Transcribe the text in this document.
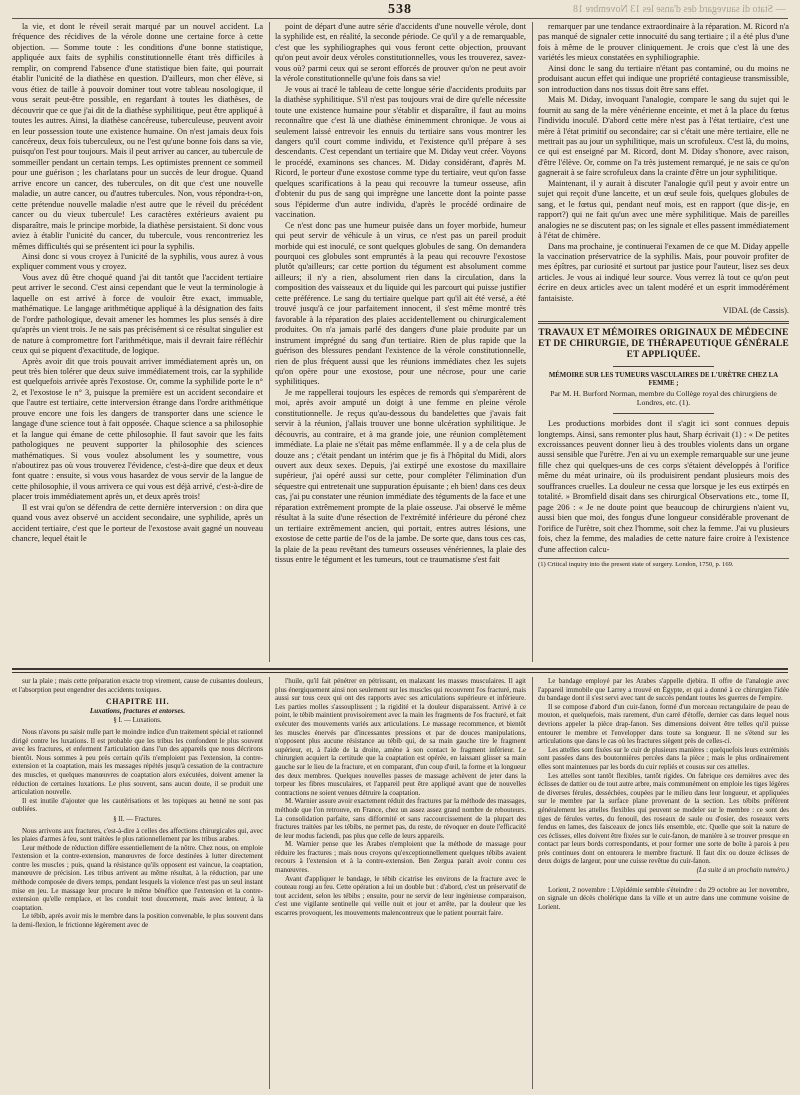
538	— Stato di sauvegard des d'anse les 13 Novembre 18

la vie, et dont le réveil serait marqué par un nouvel accident. La fréquence des récidives de la vérole donne une certaine force à cette objection. — Somme toute : les conditions d'une bonne statistique, appliquée aux faits de syphilis constitutionnelle étant très difficiles à remplir, on comprend l'absence d'une statistique bien faite, qui pourrait établir l'unicité de la diathèse en question. D'ailleurs, mon cher élève, si vous étiez de taille à pouvoir dominer tout votre tableau nosologique, il vous serait peut-être possible, en regardant à toutes les diathèses, de découvrir que ce que j'ai dit de la diathèse syphilitique, peut être appliqué à toutes les autres. Ainsi, la diathèse cancéreuse, tuberculeuse, peuvent avoir en leur possession toute une existence humaine. On n'est jamais deux fois cancéreux, deux fois tuberculeux, ou ne l'est qu'une bonne fois dans sa vie, puisqu'on l'est pour toujours. Mais il peut arriver au cancer, au tubercule de sommeiller pendant un certain temps. Les optimistes prennent ce sommeil pour une guérison ; les charlatans pour un succès de leur drogue. Quand arrive encore un cancer, des tubercules, on dit que c'est une nouvelle maladie, un autre cancer, ou d'autres tubercules. Non, vous répondra-t-on, cette prétendue nouvelle maladie n'est autre que le réveil du précédent cancer ou du vieux tubercule! Les caractères extérieurs avaient pu disparaître, mais le principe morbide, la diathèse persistaient. Si donc vous aviez à établir l'unicité du cancer, du tubercule, vous rencontreriez les mêmes difficultés qui se présentent ici pour la syphilis.

Ainsi donc si vous croyez à l'unicité de la syphilis, vous aurez à vous expliquer comment vous y croyez.

Vous avez dû être choqué quand j'ai dit tantôt que l'accident tertiaire peut arriver le second. C'est ainsi cependant que le veut la terminologie à laquelle on est arrivé à force de vouloir être exact, immuable, mathématique. Le langage arithmétique appliqué à la désignation des faits de l'ordre pathologique, devait amener les hommes les plus sensés à dire qu'après un vient trois. Je ne sais pas précisément si ce résultat singulier est de nature à compromettre fort l'arithmétique, mais il devrait faire réfléchir ceux qui se piquent d'exactitude, de logique.

Après avoir dit que trois pouvait arriver immédiatement après un, on peut très bien tolérer que deux suive immédiatement trois, car la syphilide est quelquefois arrivée après l'exostose. Or, comme la syphilide porte le n° 2, et l'exostose le n° 3, puisque la première est un accident secondaire et que l'autre est tertiaire, cette interversion étrange dans l'ordre arithmétique prouve encore une fois les dangers de transporter dans une science le langage d'une science tout à fait opposée. Chaque science a sa philosophie et la langue qui émane de cette philosophie. Il faut savoir que les faits pathologiques ne peuvent supporter la philosophie des sciences mathématiques. Si vous voulez absolument les y soumettre, vous n'aboutirez pas où vous trouverez l'évidence, c'est-à-dire que deux et deux font quatre : ensuite, si vous vous hasardez de vous servir de la langue de cette philosophie, il vous arrivera ce qui vous est déjà arrivé, c'est-à-dire de placer trois immédiatement après un, et deux après trois!

Il est vrai qu'on se défendra de cette dernière interversion : on dira que quand vous avez observé un accident secondaire, une syphilide, après un accident tertiaire, c'est que le porteur de l'exostose avait gagné un nouveau chancre, lequel était le

point de départ d'une autre série d'accidents d'une nouvelle vérole, dont la syphilide est, en réalité, la seconde période. Ce qu'il y a de remarquable, c'est que les syphiliographes qui vous feront cette objection, prouvant qu'on peut avoir deux véroles constitutionnelles, vous les trouverez, savez-vous où? parmi ceux qui se seront efforcés de prouver qu'on ne peut avoir la vérole constitutionnelle qu'une fois dans sa vie!

Je vous ai tracé le tableau de cette longue série d'accidents produits par la diathèse syphilitique. S'il n'est pas toujours vrai de dire qu'elle nécessite toute une existence humaine pour s'établir et disparaître, il faut au moins reconnaître que c'est là une diathèse éminemment chronique. Je vous ai seulement laissé entrevoir les ennuis du tertiaire sans vous montrer les dangers qu'il court comme individu, et l'existence qu'il prépare à ses descendants. C'est cependant un tertiaire que M. Diday veut créer. Voyons le procédé, examinons ses chances. M. Diday considérant, d'après M. Ricord, le porteur d'une exostose comme type du tertiaire, veut qu'on fasse quelques scarifications à la peau qui recouvre la tumeur osseuse, afin d'obtenir du pus de sang qui imprègne une lancette dont la pointe passe sous l'épiderme d'un autre individu, d'après le procédé ordinaire de vaccination.

Ce n'est donc pas une humeur puisée dans un foyer morbide, humeur qui peut servir de véhicule à un virus, ce n'est pas un pareil produit morbide qui est inoculé, ce sont quelques globules de sang. On demandera pourquoi ces globules sont empruntés à la peau qui recouvre l'exostose plutôt qu'ailleurs; car cette portion du tégument est absolument comme ailleurs; il n'y a rien, absolument rien dans la circulation, dans la composition des vaisseaux et du liquide qui les parcourt qui puisse justifier cette préférence. Le sang du tertiaire quelque part qu'il ait été versé, a été trouvé jusqu'à ce jour parfaitement innocent, il s'est même montré très favorable à la réparation des plaies accidentellement ou chirurgicalement produites. On n'a jamais parlé des dangers d'une plaie produite par un instrument imprégné du sang d'un tertiaire. Rien de plus rapide que la guérison des blessures pendant l'existence de la vérole constitutionnelle, rien de plus fréquent aussi que les réunions immédiates chez les sujets qu'on opère pour une exostose, pour une nécrose, pour une carie syphilitiques.

Je me rappellerai toujours les espèces de remords qui s'emparèrent de moi, après avoir amputé un doigt à une femme en pleine vérole constitutionnelle. Je reçus qu'au-dessous du bandelettes que j'avais fait servir à la réunion, j'allais trouver une bonne ulcération syphilitique. Je découvris, au contraire, et à ma grande joie, une réunion complètement immédiate. La plaie ne s'était pas même enflammée. Il y a de cela plus de douze ans ; c'était pendant un intérim que je fis à l'hôpital du Midi, alors ouvert aux deux sexes. Depuis, j'ai extirpé une exostose du maxillaire supérieur, j'ai opéré aussi sur cette, pour compléter l'élimination d'un séquestre qui entretenait une suppuration épuisante ; eh bien! dans ces deux cas, j'ai pu constater une réunion immédiate des téguments de la face et une réparation extrêmement prompte de la plaie osseuse. J'ai observé le même résultat à la suite d'une résection de l'extrémité inférieure du péroné chez un tertiaire extrêmement ancien, qui portait, entres autres lésions, une exostose de cette partie de l'os de la jambe. De sorte que, dans tous ces cas, la plaie de la peau revêtant des tumeurs osseuses vénériennes, la plaie des tissus entre le tégument et les tumeurs, tout ce traumatisme s'est fait

remarquer par une tendance extraordinaire à la réparation. M. Ricord n'a pas manqué de signaler cette innocuité du sang tertiaire ; il a été plus d'une fois à même de le prouver cliniquement. Je crois que c'est là une des variétés les mieux constatées en syphiliographie.

Ainsi donc le sang du tertiaire n'étant pas contaminé, ou du moins ne produisant aucun effet qui indique une propriété contagieuse transmissible, son introduction dans nos tissus doit être sans effet.

Mais M. Diday, invoquant l'analogie, compare le sang du sujet qui le fournit au sang de la mère vénérienne enceinte, et met à la place du fœtus l'individu inoculé. D'abord cette mère n'est pas à l'état tertiaire, c'est une mère à l'état primitif ou secondaire; car si c'était une mère tertiaire, elle ne mettrait pas au jour un syphilitique, mais un scrofuleux. C'est là, du moins, ce qui est enseigné par M. Ricord, dont M. Diday s'honore, avec raison, d'être l'élève. Or, comme on l'a très justement remarqué, je ne sais ce qu'on gagnerait à se faire scrofuleux dans la crainte d'être un jour syphilitique.

Maintenant, il y aurait à discuter l'analogie qu'il peut y avoir entre un sujet qui reçoit d'une lancette, et un œuf seule fois, quelques globules de sang, et le fœtus qui, pendant neuf mois, est en rapport (que dis-je, en rapport?) qui ne fait qu'un avec une mère syphilitique. Mais de pareilles analogies ne se discutent pas; on les signale et elles passent immédiatement à l'état de chimère.

Dans ma prochaine, je continuerai l'examen de ce que M. Diday appelle la vaccination préservatrice de la syphilis. Mais, pour pouvoir profiter de mes épîtres, par curiosité et surtout par justice pour l'auteur, lisez ses deux articles. Je vous ai indiqué leur source. Vous verrez là tout ce qu'on peut écrire en deux articles avec un talent modéré et un esprit immodérément fantaisiste.

VIDAL (de Cassis).

TRAVAUX ET MÉMOIRES ORIGINAUX DE MÉDECINE ET DE CHIRURGIE, DE THÉRAPEUTIQUE GÉNÉRALE ET APPLIQUÉE.

MÉMOIRE SUR LES TUMEURS VASCULAIRES DE L'URÈTRE CHEZ LA FEMME ;

Par M. H. Burford Norman, membre du Collège royal des chirurgiens de Londres, etc. (1).

Les productions morbides dont il s'agit ici sont connues depuis longtemps. Ainsi, sans remonter plus haut, Sharp écrivait (1) : « De petites excroissances peuvent donner lieu à des troubles violents dans un organe aussi sensible que l'urètre. J'en ai vu un exemple remarquable sur une jeune fille chez qui quelques-uns de ces corps s'étaient développés à l'orifice même du méat urinaire, où ils produisirent pendant plusieurs mois des souffrances cruelles. La douleur ne cessa que lorsque je les eus extirpés en totalité. » Bromfield disait dans ses chirurgical Observations etc., tome II, page 206 : « Je ne doute point que beaucoup de chirurgiens n'aient vu, aussi bien que moi, des fongus d'une longueur considérable provenant de l'orifice de l'urètre, soit chez l'homme, soit chez la femme. J'ai vu plusieurs fois, chez la femme, des maladies de cette nature faire croire à l'existence d'une affection calcu-

(1) Critical inquiry into the present state of surgery. London, 1750, p. 169.

sur la plaie ; mais cette préparation exacte trop virement, cause de cuisantes douleurs, et l'absorption peut engendrer des accidents toxiques.

CHAPITRE III.

Luxations, fractures et entorses.

§ I. — Luxations.

Nous n'avons pu saisir nulle part le moindre indice d'un traitement spécial et rationnel dirigé contre les luxations. Il est probable que les tribus les confondent le plus souvent avec les fractures, et enferment l'articulation dans l'un des appareils que nous décrirons bientôt. Nous sommes à peu près certain qu'ils n'emploient pas l'extension, la contre-extension et la coaptation, mais les massages répétés jusqu'à cessation de la contracture des muscles, et quelques manœuvres de coaptation alors exécutées, doivent amener la réduction de certaines luxations. Le plus souvent, sans aucun doute, il se produit une articulation nouvelle.

Il est inutile d'ajouter que les cautérisations et les topiques au henné ne sont pas oubliées.

§ II. — Fractures.

Nous arrivons aux fractures, c'est-à-dire à celles des affections chirurgicales qui, avec les plaies d'armes à feu, sont traitées le plus rationnellement par les tribus arabes.

Leur méthode de réduction diffère essentiellement de la nôtre. Chez nous, on emploie l'extension et la contre-extension, manœuvres de force destinées à lutter directement contre les muscles ; puis, quand la résistance qu'ils opposent est vaincue, la coaptation, manœuvre de précision. Les tribus arrivent au même résultat, à la réduction, par une méthode composée de divers temps, pendant lesquels la violence n'est pas un seul instant mise en jeu. Le massage leur procure le même bénéfice que l'extension et la contre-extension qu'elle remplace, et les conduit tout doucement, mais avec lenteur, à la coaptation.

Le tébib, après avoir mis le membre dans la position convenable, le plus souvent dans la demi-flexion, le frictionne légèrement avec de

l'huile, qu'il fait pénétrer en pétrissant, en malaxant les masses musculaires. Il agit plus énergiquement ainsi non seulement sur les muscles qui recouvrent l'os fracturé, mais aussi sur tous ceux qui ont des rapports avec ses articulations supérieure et inférieure. Les parties molles s'assouplissent ; la rigidité et la douleur disparaissent. Arrivé à ce point, le tébib maintient provisoirement avec la main les fragments de l'os fracturé, et fait exécuter des mouvements variés aux articulations. Le massage recommence, et bientôt les muscles énervés par d'incessantes pressions et par de douces manipulations, n'opposent plus aucune résistance au tébib qui, de sa main gauche tire le fragment supérieur, et, à l'aide de la droite, amène à son contact le fragment inférieur. Le chirurgien acquiert la certitude que la coaptation est opérée, en laissant glisser sa main gauche sur le lieu de la fracture, et en comparant, d'un coup d'œil, la forme et la longueur des deux membres. Quelques nouvelles passes de massage achèvent de jeter dans la torpeur les fibres musculaires, et l'appareil peut être appliqué avant que de nouvelles contractions ne soient venues détruire la coaptation.

M. Warnier assure avoir exactement réduit des fractures par la méthode des massages, méthode que l'on retrouve, en France, chez un assez assez grand nombre de rebouteurs. La consolidation parfaite, sans difformité et sans raccourcissement de la plupart des fractures traitées par les tébibs, ne permet pas, du reste, de révoquer en doute l'efficacité de leur modus faciendi, pas plus que celle de leurs appareils.

M. Warnier pense que les Arabes n'emploient que la méthode de massage pour réduire les fractures ; mais nous croyons qu'exceptionnellement quelques tébibs avaient recours à l'extension et à la contre-extension. Ben Zergua parait avoir connu ces manœuvres.

Avant d'appliquer le bandage, le tébib cicatrise les environs de la fracture avec le couteau rougi au feu. Cette opération a lui un double but : d'abord, c'est un préservatif de tout accident, selon les tébibs ; ensuite, pour ne servir de leur ingénieuse comparaison, c'est une vigilante sentinelle qui veille nuit et jour et arrête, par la douleur que les escarres provoquent, les mouvements malencontreux que le patient pourrait faire.

Le bandage employé par les Arabes s'appelle djebira. Il offre de l'analogie avec l'appareil immobile que Larrey a trouvé en Égypte, et qui a donné à ce chirurgien l'idée du bandage dont il s'est servi avec tant de succès pendant toutes les guerres de l'empire.

Il se compose d'abord d'un cuir-fanon, formé d'un morceau rectangulaire de peau de mouton, et quelquefois, mais rarement, d'un carré d'étoffe, dernier cas dans lequel nous devrions appeler la pièce drap-fanon. Ses dimensions doivent être telles qu'il puisse entourer le membre et l'envelopper dans toute sa longueur. Il ne s'étend sur les articulations que dans le cas où les fractures siègent près de celles-ci.

Les attelles sont fixées sur le cuir de plusieurs manières : quelquefois leurs extrémités sont passées dans des boutonnières percées dans la pièce ; mais le plus ordinairement elles sont maintenues par les bords du cuir repliés et cousus sur ces attelles.

Les attelles sont tantôt flexibles, tantôt rigides. On fabrique ces dernières avec des éclisses de dattier ou de tout autre arbre, mais communément on emploie les tiges légères de diverses férules, desséchées, coupées par le milieu dans leur longueur, et appliquées sur le membre par la surface plane provenant de la section. Les tébibs préfèrent généralement les attelles flexibles qui peuvent se modeler sur le membre : ce sont des tiges de férules vertes, du fenouil, des roseaux de saule ou d'osier, des roseaux verts fendus en lames, des faisceaux de joncs liés ensemble, etc. Quelle que soit la nature de ces éclisses, elles doivent être fixées sur le cuir-fanon, de manière à se trouver presque en contact par leurs bords correspondants, et pour former une sorte de boîte à parois à peu près continues dont on entourera le membre fracturé. Il faut dix ou douze éclisses de deux doigts de largeur, pour une cuisse revêtue du cuir-fanon.

(La suite à un prochain numéro.)

Lorient, 2 novembre : L'épidémie semble s'éteindre : du 29 octobre au 1er novembre, on signale un décès cholérique dans la ville et un autre dans une commune voisine de Lorient.
